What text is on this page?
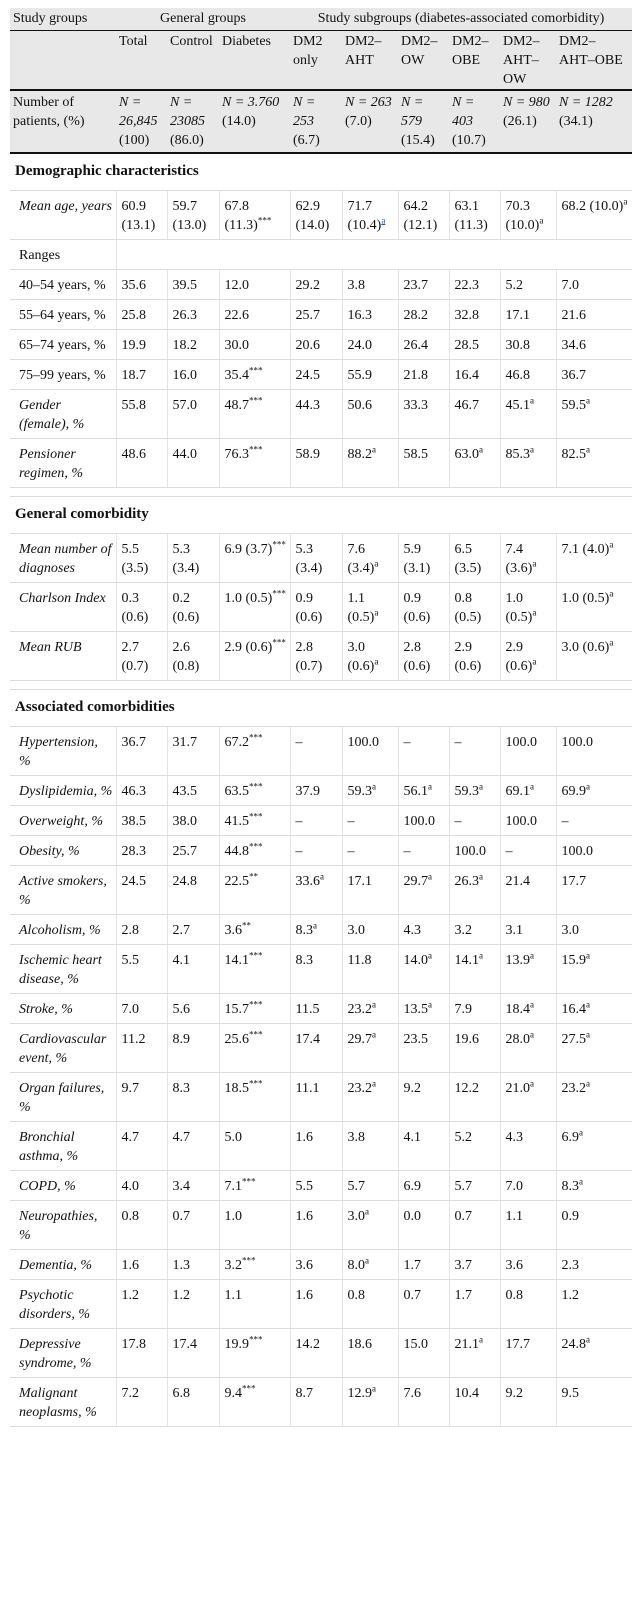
Study groups	General groups			Study subgroups (diabetes-associated comorbidity)					
	Total	Control	Diabetes	DM2 only	DM2–AHT	DM2–OW	DM2–OBE	DM2–AHT–OW	DM2–AHT–OBE
Number of patients, (%)	N = 26,845 (100)	N = 23085 (86.0)	N = 3.760 (14.0)	N = 253 (6.7)	N = 263 (7.0)	N = 579 (15.4)	N = 403 (10.7)	N = 980 (26.1)	N = 1282 (34.1)
Demographic characteristics									
Mean age, years	60.9 (13.1)	59.7 (13.0)	67.8 (11.3)***	62.9 (14.0)	71.7 $(10.4)^a$	64.2 (12.1)	63.1 (11.3)	70.3 $(10.0)^a$	68.2 $(10.0)^a$
Ranges									
40–54 years, %	35.6	39.5	12.0	29.2	3.8	23.7	22.3	5.2	7.0
55–64 years, %	25.8	26.3	22.6	25.7	16.3	28.2	32.8	17.1	21.6
65–74 years, %	19.9	18.2	30.0	20.6	24.0	26.4	28.5	30.8	34.6
75–99 years, %	18.7	16.0	35.4***	24.5	55.9	21.8	16.4	46.8	36.7
Gender (female), %	55.8	57.0	48.7***	44.3	50.6	33.3	46.7	45.1$^a$	59.5$^a$
Pensioner regimen, %	48.6	44.0	76.3***	58.9	88.2$^a$	58.5	63.0$^a$	85.3$^a$	82.5$^a$

General comorbidity									
Mean number of diagnoses	5.5 (3.5)	5.3 (3.4)	6.9 (3.7)***	5.3 (3.4)	7.6 $(3.4)^a$	5.9 (3.1)	6.5 (3.5)	7.4 $(3.6)^a$	7.1 $(4.0)^a$
Charlson Index	0.3 (0.6)	0.2 (0.6)	1.0 (0.5)***	0.9 (0.6)	1.1 $(0.5)^a$	0.9 (0.6)	0.8 (0.5)	1.0 $(0.5)^a$	1.0 $(0.5)^a$
Mean RUB	2.7 (0.7)	2.6 (0.8)	2.9 (0.6)***	2.8 (0.7)	3.0 $(0.6)^a$	2.8 (0.6)	2.9 (0.6)	2.9 $(0.6)^a$	3.0 $(0.6)^a$

Associated comorbidities									
Hypertension, %	36.7	31.7	67.2***	–	100.0	–	–	100.0	100.0
Dyslipidemia, %	46.3	43.5	63.5***	37.9	59.3$^a$	56.1$^a$	59.3$^a$	69.1$^a$	69.9$^a$
Overweight, %	38.5	38.0	41.5***	–	–	100.0	–	100.0	–
Obesity, %	28.3	25.7	44.8***	–	–	–	100.0	–	100.0
Active smokers, %	24.5	24.8	22.5**	33.6$^a$	17.1	29.7$^a$	26.3$^a$	21.4	17.7
Alcoholism, %	2.8	2.7	3.6**	8.3$^a$	3.0	4.3	3.2	3.1	3.0
Ischemic heart disease, %	5.5	4.1	14.1***	8.3	11.8	14.0$^a$	14.1$^a$	13.9$^a$	15.9$^a$
Stroke, %	7.0	5.6	15.7***	11.5	23.2$^a$	13.5$^a$	7.9	18.4$^a$	16.4$^a$
Cardiovascular event, %	11.2	8.9	25.6***	17.4	29.7$^a$	23.5	19.6	28.0$^a$	27.5$^a$
Organ failures, %	9.7	8.3	18.5***	11.1	23.2$^a$	9.2	12.2	21.0$^a$	23.2$^a$
Bronchial asthma, %	4.7	4.7	5.0	1.6	3.8	4.1	5.2	4.3	6.9$^a$
COPD, %	4.0	3.4	7.1***	5.5	5.7	6.9	5.7	7.0	8.3$^a$
Neuropathies, %	0.8	0.7	1.0	1.6	3.0$^a$	0.0	0.7	1.1	0.9
Dementia, %	1.6	1.3	3.2***	3.6	8.0$^a$	1.7	3.7	3.6	2.3
Psychotic disorders, %	1.2	1.2	1.1	1.6	0.8	0.7	1.7	0.8	1.2
Depressive syndrome, %	17.8	17.4	19.9***	14.2	18.6	15.0	21.1$^a$	17.7	24.8$^a$
Malignant neoplasms, %	7.2	6.8	9.4***	8.7	12.9$^a$	7.6	10.4	9.2	9.5
